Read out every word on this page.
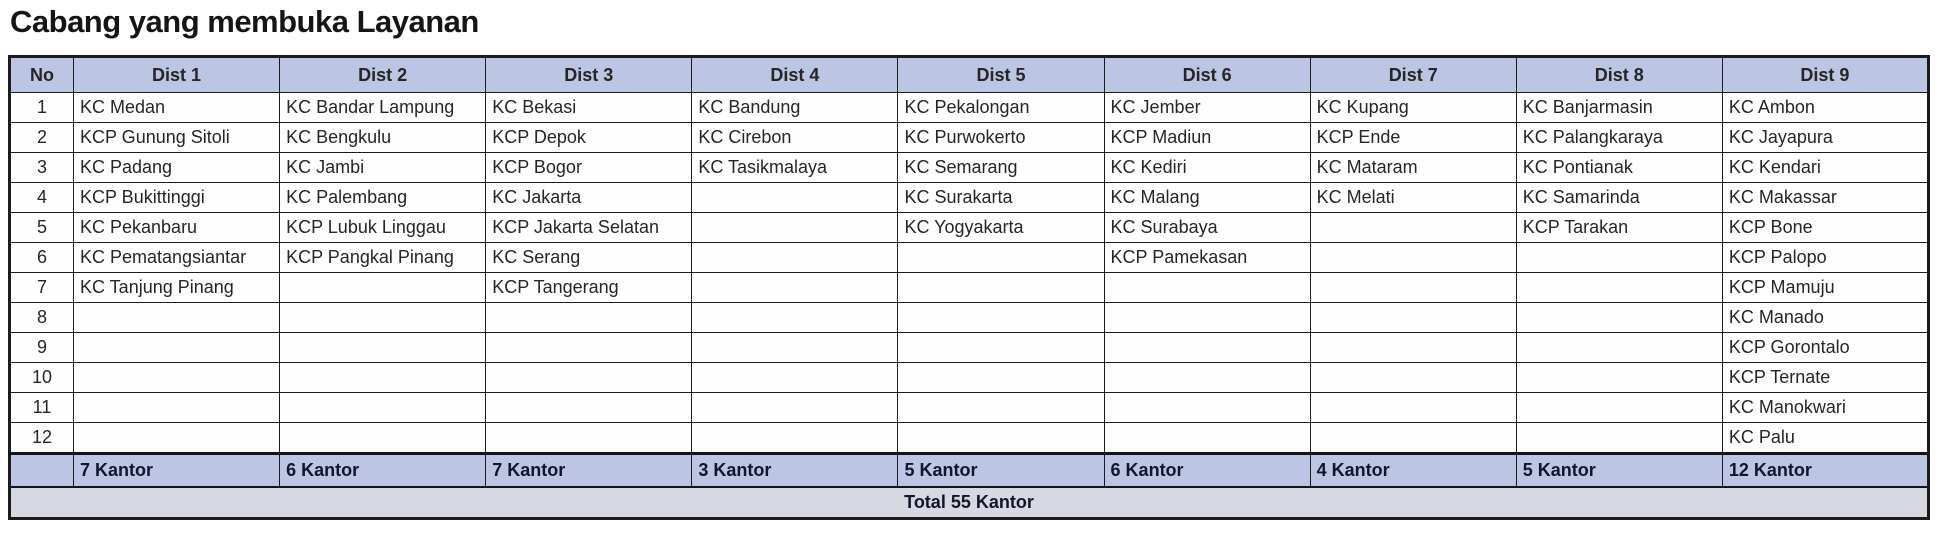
Cabang yang membuka Layanan
No	Dist 1	Dist 2	Dist 3	Dist 4	Dist 5	Dist 6	Dist 7	Dist 8	Dist 9
1	KC Medan	KC Bandar Lampung	KC Bekasi	KC Bandung	KC Pekalongan	KC Jember	KC Kupang	KC Banjarmasin	KC Ambon
2	KCP Gunung Sitoli	KC Bengkulu	KCP Depok	KC Cirebon	KC Purwokerto	KCP Madiun	KCP Ende	KC Palangkaraya	KC Jayapura
3	KC Padang	KC Jambi	KCP Bogor	KC Tasikmalaya	KC Semarang	KC Kediri	KC Mataram	KC Pontianak	KC Kendari
4	KCP Bukittinggi	KC Palembang	KC Jakarta		KC Surakarta	KC Malang	KC Melati	KC Samarinda	KC Makassar
5	KC Pekanbaru	KCP Lubuk Linggau	KCP Jakarta Selatan		KC Yogyakarta	KC Surabaya		KCP Tarakan	KCP Bone
6	KC Pematangsiantar	KCP Pangkal Pinang	KC Serang			KCP Pamekasan			KCP Palopo
7	KC Tanjung Pinang		KCP Tangerang						KCP Mamuju
8									KC Manado
9									KCP Gorontalo
10									KCP Ternate
11									KC Manokwari
12									KC Palu
	7 Kantor	6 Kantor	7 Kantor	3 Kantor	5 Kantor	6 Kantor	4 Kantor	5 Kantor	12 Kantor
Total 55 Kantor									
